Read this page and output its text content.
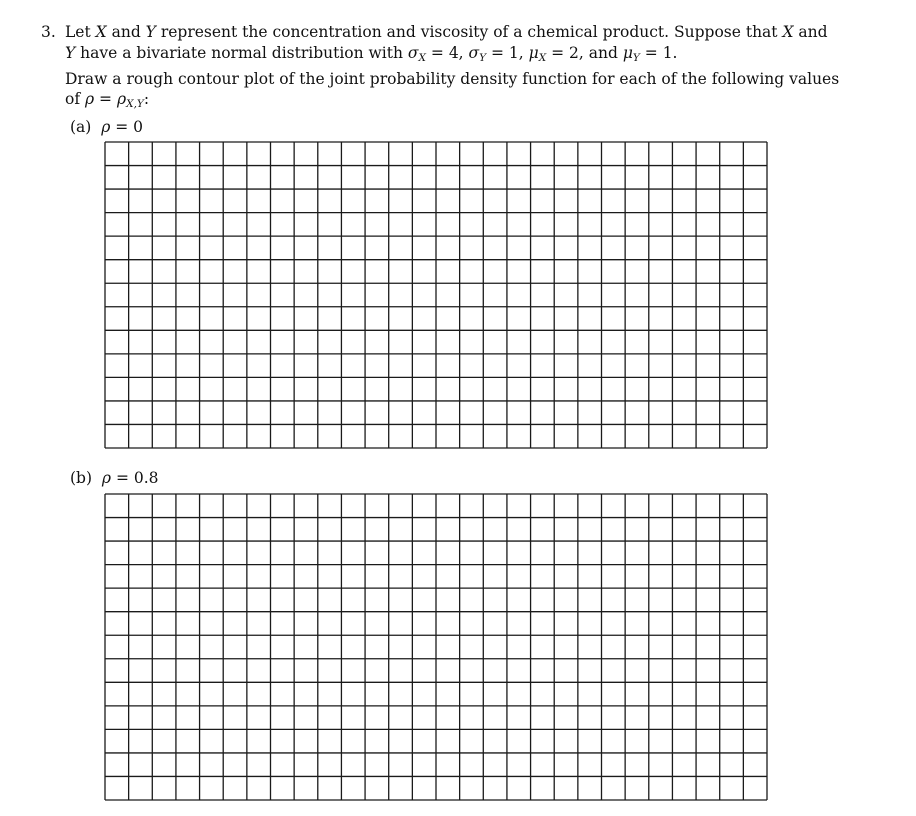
3. Let X and Y represent the concentration and viscosity of a chemical product. Suppose that X and
Y have a bivariate normal distribution with $\sigma_X = 4$, $\sigma_Y = 1$, $\mu_X = 2$, and $\mu_Y = 1$.
Draw a rough contour plot of the joint probability density function for each of the following values
of $\rho = \rho_{X,Y}$:
(a) ρ = 0
(b) ρ = 0.8
